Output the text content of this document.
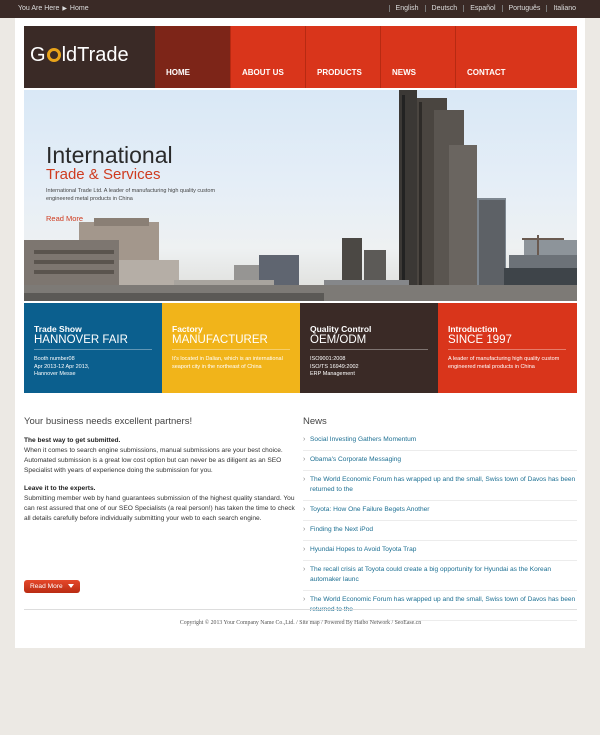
You Are Here ▶ Home	English	Deutsch	Español	Português	Italiano
G ldTrade
HOME	ABOUT US	PRODUCTS	NEWS	CONTACT
International
Trade & Services
International Trade Ltd. A leader of manufacturing high quality custom engineered metal products in China
Read More
Trade Show
HANNOVER FAIR
Booth number08
Apr 2013-12 Apr 2013,
Hannover Messe
Factory
MANUFACTURER
It's located in Dalian, which is an international seaport city in the northeast of China
Quality Control
OEM/ODM
ISO9001:2008
ISO/TS 16949:2002
ERP Management
Introduction
SINCE 1997
A leader of manufacturing high quality custom engineered metal products in China
Your business needs excellent partners!

The best way to get submitted.
When it comes to search engine submissions, manual submissions are your best choice. Automated submission is a great low cost option but can never be as diligent as an SEO Specialist with years of experience doing the submission for you.

Leave it to the experts.
Submitting member web by hand guarantees submission of the highest quality standard. You can rest assured that one of our SEO Specialists (a real person!) has taken the time to check all details carefully before individually submitting your web to each search engine.

Read More
News
› Social Investing Gathers Momentum
› Obama's Corporate Messaging
› The World Economic Forum has wrapped up and the small, Swiss town of Davos has been returned to the
› Toyota: How One Failure Begets Another
› Finding the Next iPod
› Hyundai Hopes to Avoid Toyota Trap
› The recall crisis at Toyota could create a big opportunity for Hyundai as the Korean automaker launc
› The World Economic Forum has wrapped up and the small, Swiss town of Davos has been
Copyright © 2013 Your Company Name Co.,Ltd. / Site map / Powered By Haibo Network / SeoEase.cn
